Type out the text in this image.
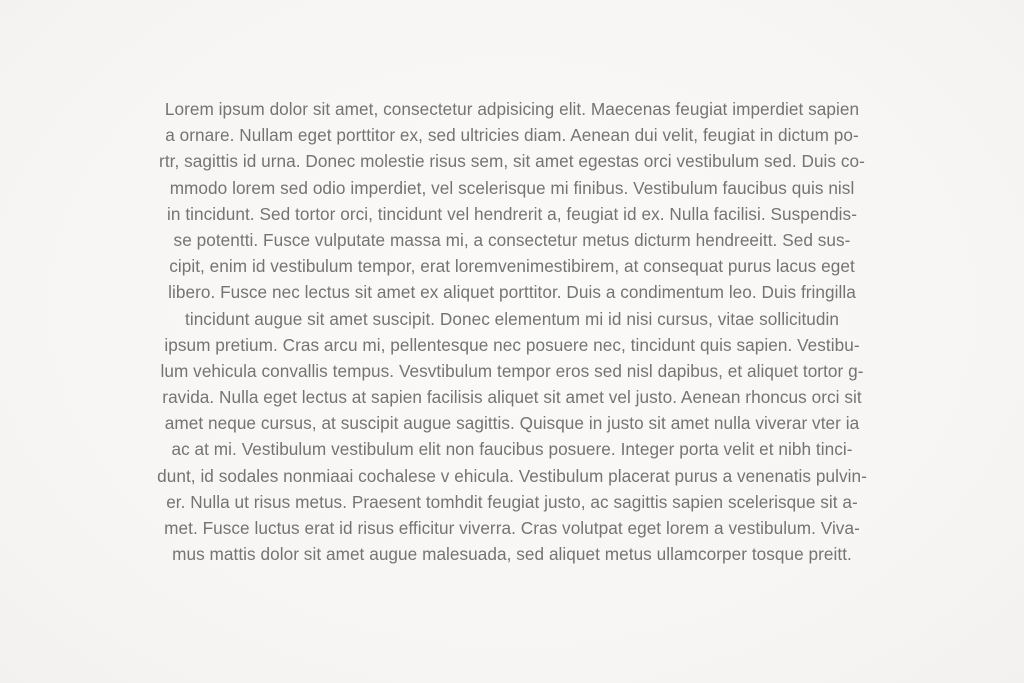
Lorem ipsum dolor sit amet, consectetur adpisicing elit. Maecenas feugiat imperdiet sapien
a ornare. Nullam eget porttitor ex, sed ultricies diam. Aenean dui velit, feugiat in dictum po-
rtr, sagittis id urna. Donec molestie risus sem, sit amet egestas orci vestibulum sed. Duis co-
mmodo lorem sed odio imperdiet, vel scelerisque mi finibus. Vestibulum faucibus quis nisl
in tincidunt. Sed tortor orci, tincidunt vel hendrerit a, feugiat id ex. Nulla facilisi. Suspendis-
se potentti. Fusce vulputate massa mi, a consectetur metus dicturm hendreeitt. Sed sus-
cipit, enim id vestibulum tempor, erat loremvenimestibirem, at consequat purus lacus eget
libero. Fusce nec lectus sit amet ex aliquet porttitor. Duis a condimentum leo. Duis fringilla
tincidunt augue sit amet suscipit. Donec elementum mi id nisi cursus, vitae sollicitudin
ipsum pretium. Cras arcu mi, pellentesque nec posuere nec, tincidunt quis sapien. Vestibu-
lum vehicula convallis tempus. Vesvtibulum tempor eros sed nisl dapibus, et aliquet tortor g-
ravida. Nulla eget lectus at sapien facilisis aliquet sit amet vel justo. Aenean rhoncus orci sit
amet neque cursus, at suscipit augue sagittis. Quisque in justo sit amet nulla viverar vter ia
ac at mi. Vestibulum vestibulum elit non faucibus posuere. Integer porta velit et nibh tinci-
dunt, id sodales nonmiaai cochalese v ehicula. Vestibulum placerat purus a venenatis pulvin-
er. Nulla ut risus metus. Praesent tomhdit feugiat justo, ac sagittis sapien scelerisque sit a-
met. Fusce luctus erat id risus efficitur viverra. Cras volutpat eget lorem a vestibulum. Viva-
mus mattis dolor sit amet augue malesuada, sed aliquet metus ullamcorper tosque preitt.
